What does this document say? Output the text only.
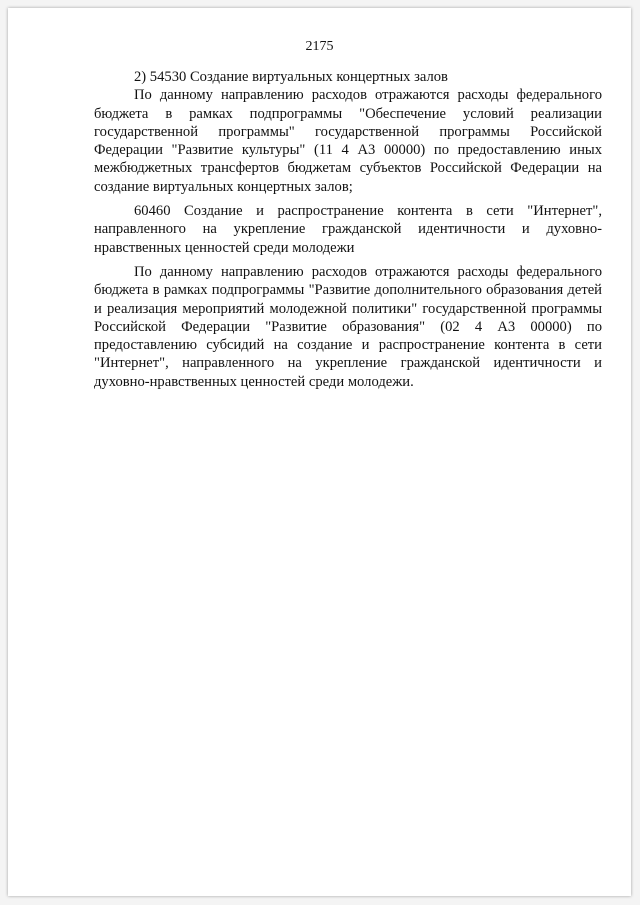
2175

2) 54530 Создание виртуальных концертных залов

По данному направлению расходов отражаются расходы федерального бюджета в рамках подпрограммы "Обеспечение условий реализации государственной программы" государственной программы Российской Федерации "Развитие культуры" (11 4 А3 00000) по предоставлению иных межбюджетных трансфертов бюджетам субъектов Российской Федерации на создание виртуальных концертных залов;

60460 Создание и распространение контента в сети "Интернет", направленного на укрепление гражданской идентичности и духовно-нравственных ценностей среди молодежи

По данному направлению расходов отражаются расходы федерального бюджета в рамках подпрограммы "Развитие дополнительного образования детей и реализация мероприятий молодежной политики" государственной программы Российской Федерации "Развитие образования" (02 4 А3 00000) по предоставлению субсидий на создание и распространение контента в сети "Интернет", направленного на укрепление гражданской идентичности и духовно-нравственных ценностей среди молодежи.
